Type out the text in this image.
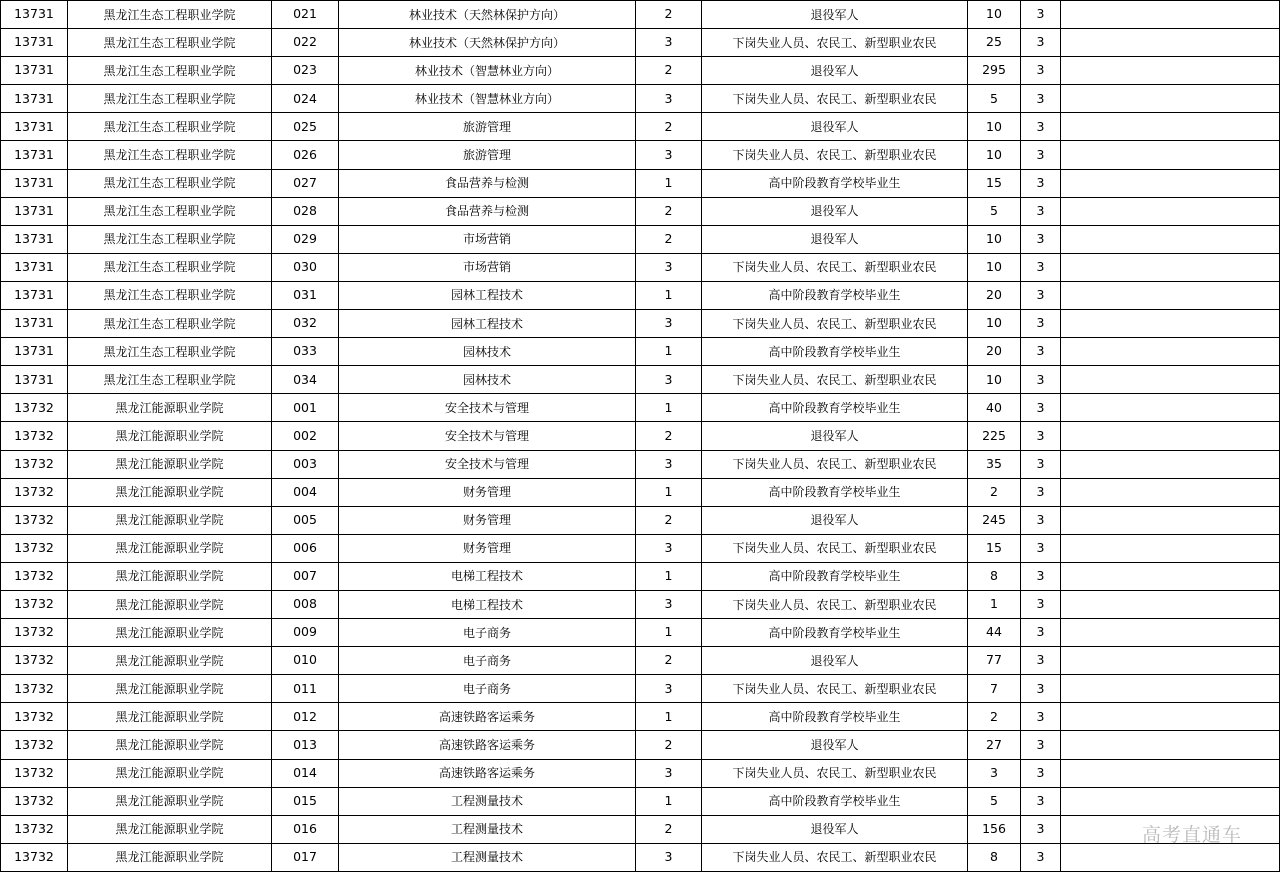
13731	黑龙江生态工程职业学院	021	林业技术（天然林保护方向）	2	退役军人	10	3	
13731	黑龙江生态工程职业学院	022	林业技术（天然林保护方向）	3	下岗失业人员、农民工、新型职业农民	25	3	
13731	黑龙江生态工程职业学院	023	林业技术（智慧林业方向）	2	退役军人	295	3	
13731	黑龙江生态工程职业学院	024	林业技术（智慧林业方向）	3	下岗失业人员、农民工、新型职业农民	5	3	
13731	黑龙江生态工程职业学院	025	旅游管理	2	退役军人	10	3	
13731	黑龙江生态工程职业学院	026	旅游管理	3	下岗失业人员、农民工、新型职业农民	10	3	
13731	黑龙江生态工程职业学院	027	食品营养与检测	1	高中阶段教育学校毕业生	15	3	
13731	黑龙江生态工程职业学院	028	食品营养与检测	2	退役军人	5	3	
13731	黑龙江生态工程职业学院	029	市场营销	2	退役军人	10	3	
13731	黑龙江生态工程职业学院	030	市场营销	3	下岗失业人员、农民工、新型职业农民	10	3	
13731	黑龙江生态工程职业学院	031	园林工程技术	1	高中阶段教育学校毕业生	20	3	
13731	黑龙江生态工程职业学院	032	园林工程技术	3	下岗失业人员、农民工、新型职业农民	10	3	
13731	黑龙江生态工程职业学院	033	园林技术	1	高中阶段教育学校毕业生	20	3	
13731	黑龙江生态工程职业学院	034	园林技术	3	下岗失业人员、农民工、新型职业农民	10	3	
13732	黑龙江能源职业学院	001	安全技术与管理	1	高中阶段教育学校毕业生	40	3	
13732	黑龙江能源职业学院	002	安全技术与管理	2	退役军人	225	3	
13732	黑龙江能源职业学院	003	安全技术与管理	3	下岗失业人员、农民工、新型职业农民	35	3	
13732	黑龙江能源职业学院	004	财务管理	1	高中阶段教育学校毕业生	2	3	
13732	黑龙江能源职业学院	005	财务管理	2	退役军人	245	3	
13732	黑龙江能源职业学院	006	财务管理	3	下岗失业人员、农民工、新型职业农民	15	3	
13732	黑龙江能源职业学院	007	电梯工程技术	1	高中阶段教育学校毕业生	8	3	
13732	黑龙江能源职业学院	008	电梯工程技术	3	下岗失业人员、农民工、新型职业农民	1	3	
13732	黑龙江能源职业学院	009	电子商务	1	高中阶段教育学校毕业生	44	3	
13732	黑龙江能源职业学院	010	电子商务	2	退役军人	77	3	
13732	黑龙江能源职业学院	011	电子商务	3	下岗失业人员、农民工、新型职业农民	7	3	
13732	黑龙江能源职业学院	012	高速铁路客运乘务	1	高中阶段教育学校毕业生	2	3	
13732	黑龙江能源职业学院	013	高速铁路客运乘务	2	退役军人	27	3	
13732	黑龙江能源职业学院	014	高速铁路客运乘务	3	下岗失业人员、农民工、新型职业农民	3	3	
13732	黑龙江能源职业学院	015	工程测量技术	1	高中阶段教育学校毕业生	5	3	
13732	黑龙江能源职业学院	016	工程测量技术	2	退役军人	156	3	
13732	黑龙江能源职业学院	017	工程测量技术	3	下岗失业人员、农民工、新型职业农民	8	3	
高考直通车
